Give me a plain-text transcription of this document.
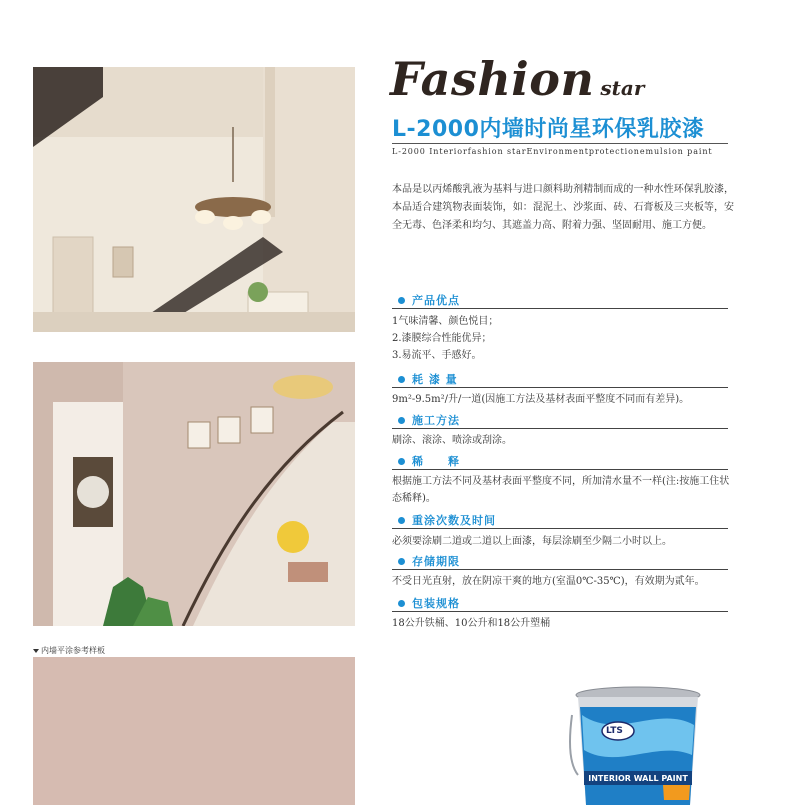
内墙平涂参考样板
Fashion star
L-2000内墙时尚星环保乳胶漆
L-2000 Interiorfashion starEnvironmentprotectionemulsion paint
本品是以丙烯酸乳液为基料与进口颜料助剂精制而成的一种水性环保乳胶漆，本品适合建筑物表面装饰，如：混泥土、沙浆面、砖、石膏板及三夹板等，安全无毒、色泽柔和均匀、其遮盖力高、附着力强、坚固耐用、施工方便。
产品优点
1气味清馨、颜色悦目；
2.漆膜综合性能优异；
3.易流平、手感好。
耗 漆 量
9m²-9.5m²/升/一道(因施工方法及基材表面平整度不同而有差异)。
施工方法
刷涂、滚涂、喷涂或刮涂。
稀　　释
根据施工方法不同及基材表面平整度不同，所加清水量不一样(注:按施工住状态稀释)。
重涂次数及时间
必须要涂刷二道或二道以上面漆，每层涂刷至少隔二小时以上。
存储期限
不受日光直射，放在阴凉干爽的地方(室温0℃-35℃)，有效期为贰年。
包装规格
18公升铁桶、10公升和18公升塑桶
LTS
INTERIOR WALL PAINT
